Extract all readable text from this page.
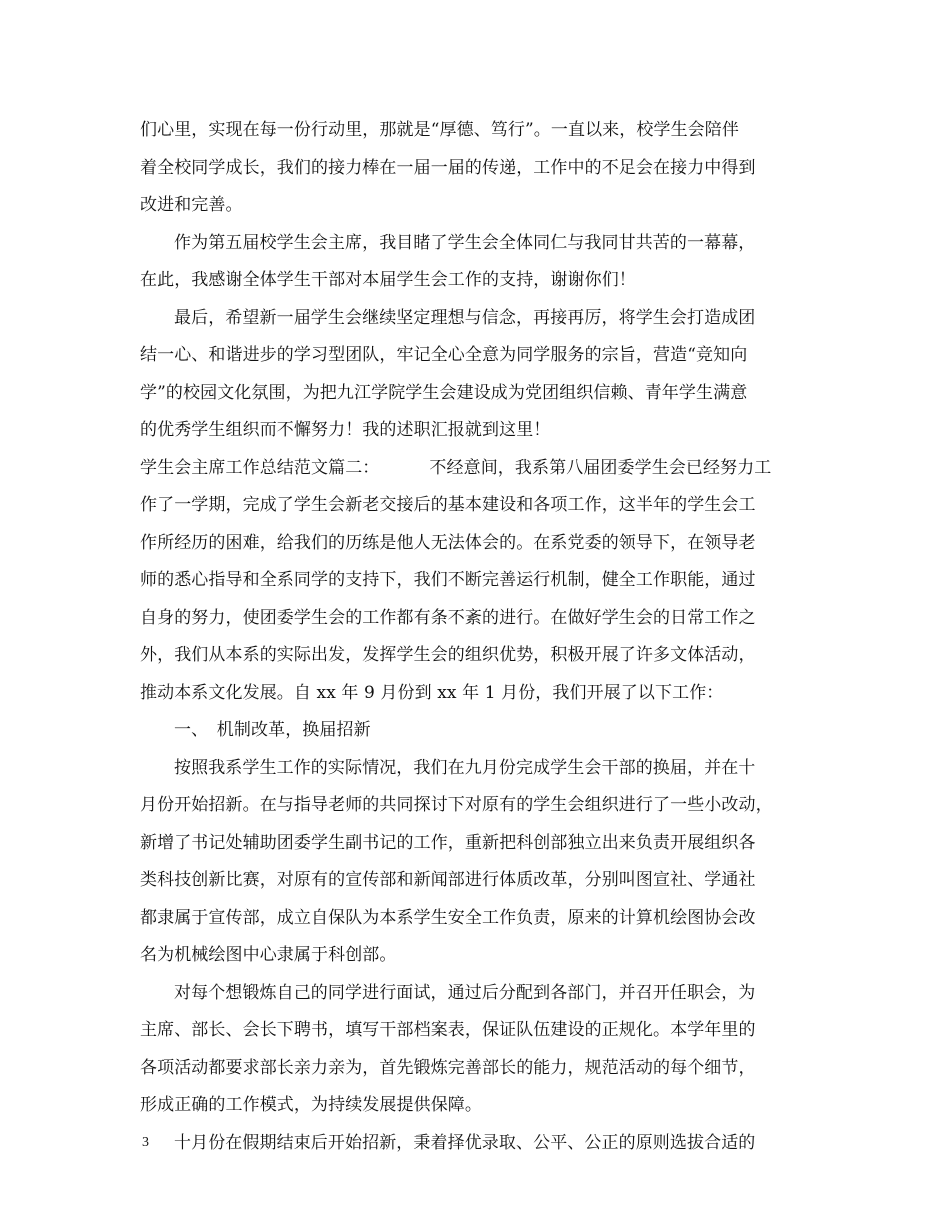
们心里，实现在每一份行动里，那就是“厚德、笃行”。一直以来，校学生会陪伴
着全校同学成长，我们的接力棒在一届一届的传递，工作中的不足会在接力中得到
改进和完善。
作为第五届校学生会主席，我目睹了学生会全体同仁与我同甘共苦的一幕幕，
在此，我感谢全体学生干部对本届学生会工作的支持，谢谢你们！
最后，希望新一届学生会继续坚定理想与信念，再接再厉，将学生会打造成团
结一心、和谐进步的学习型团队，牢记全心全意为同学服务的宗旨，营造“竞知向
学”的校园文化氛围，为把九江学院学生会建设成为党团组织信赖、青年学生满意
的优秀学生组织而不懈努力！我的述职汇报就到这里！
学生会主席工作总结范文篇二：	不经意间，我系第八届团委学生会已经努力工
作了一学期，完成了学生会新老交接后的基本建设和各项工作，这半年的学生会工
作所经历的困难，给我们的历练是他人无法体会的。在系党委的领导下，在领导老
师的悉心指导和全系同学的支持下，我们不断完善运行机制，健全工作职能，通过
自身的努力，使团委学生会的工作都有条不紊的进行。在做好学生会的日常工作之
外，我们从本系的实际出发，发挥学生会的组织优势，积极开展了许多文体活动，
推动本系文化发展。自 xx 年 9 月份到 xx 年 1 月份，我们开展了以下工作：
一、　机制改革，换届招新
按照我系学生工作的实际情况，我们在九月份完成学生会干部的换届，并在十
月份开始招新。在与指导老师的共同探讨下对原有的学生会组织进行了一些小改动，
新增了书记处辅助团委学生副书记的工作，重新把科创部独立出来负责开展组织各
类科技创新比赛，对原有的宣传部和新闻部进行体质改革，分别叫图宣社、学通社
都隶属于宣传部，成立自保队为本系学生安全工作负责，原来的计算机绘图协会改
名为机械绘图中心隶属于科创部。
对每个想锻炼自己的同学进行面试，通过后分配到各部门，并召开任职会，为
主席、部长、会长下聘书，填写干部档案表，保证队伍建设的正规化。本学年里的
各项活动都要求部长亲力亲为，首先锻炼完善部长的能力，规范活动的每个细节，
形成正确的工作模式，为持续发展提供保障。
十月份在假期结束后开始招新，秉着择优录取、公平、公正的原则选拔合适的
3
